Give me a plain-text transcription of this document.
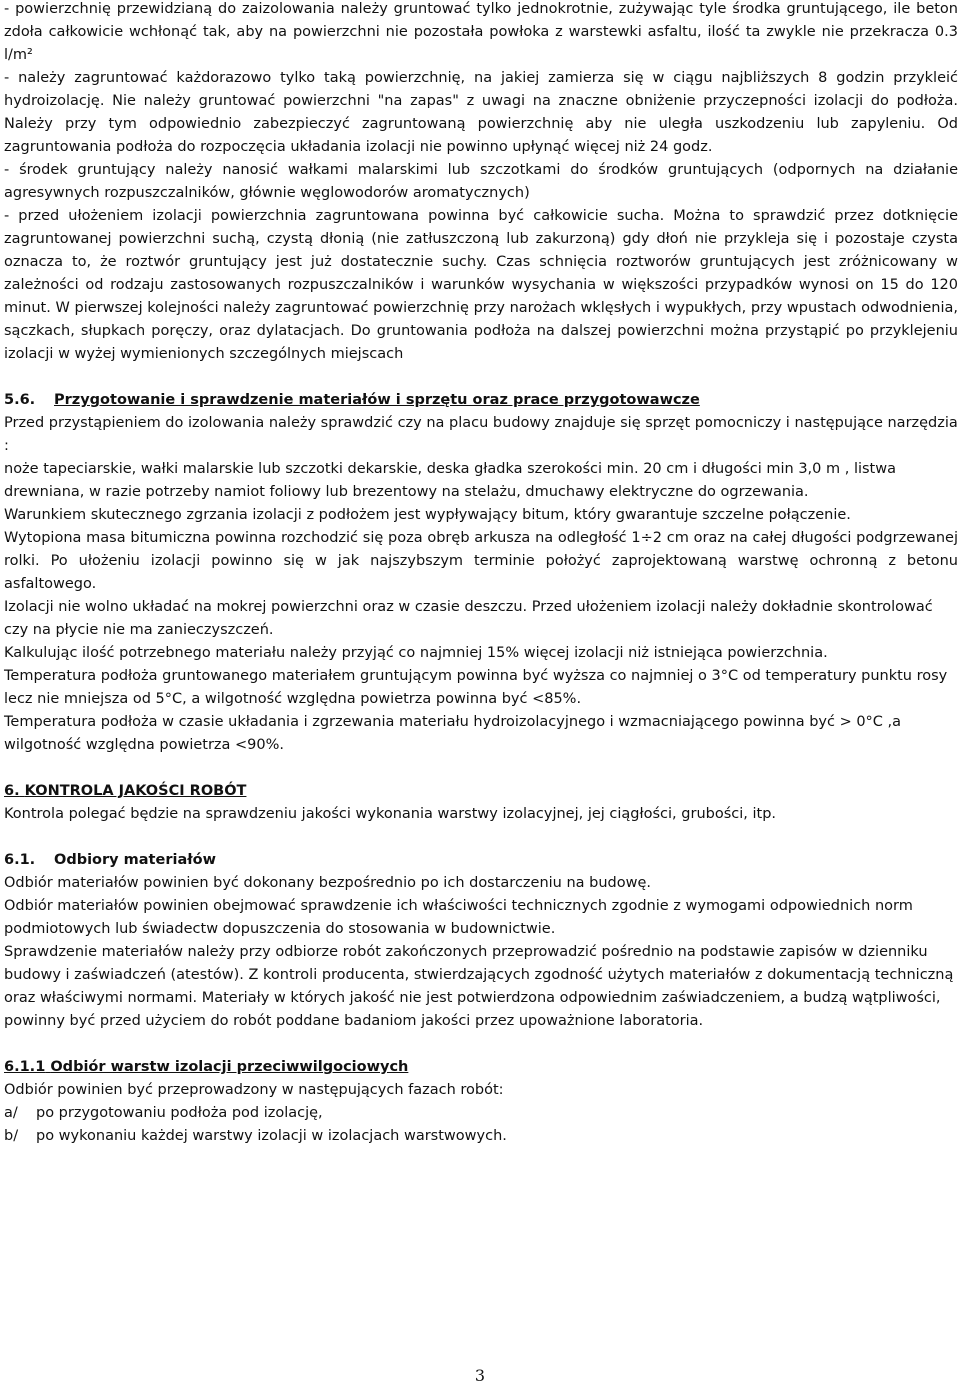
- powierzchnię przewidzianą do zaizolowania należy gruntować tylko jednokrotnie, zużywając tyle środka gruntującego, ile beton zdoła całkowicie wchłonąć tak, aby na powierzchni nie pozostała powłoka z warstewki asfaltu, ilość ta zwykle nie przekracza 0.3 l/m²

- należy zagruntować każdorazowo tylko taką powierzchnię, na jakiej zamierza się w ciągu najbliższych 8 godzin przykleić hydroizolację. Nie należy gruntować powierzchni "na zapas" z uwagi na znaczne obniżenie przyczepności izolacji do podłoża. Należy przy tym odpowiednio zabezpieczyć zagruntowaną powierzchnię aby nie uległa uszkodzeniu lub zapyleniu. Od zagruntowania podłoża do rozpoczęcia układania izolacji nie powinno upłynąć więcej niż 24 godz.

- środek gruntujący należy nanosić wałkami malarskimi lub szczotkami do środków gruntujących (odpornych na działanie agresywnych rozpuszczalników, głównie węglowodorów aromatycznych)

- przed ułożeniem izolacji powierzchnia zagruntowana powinna być całkowicie sucha. Można to sprawdzić przez dotknięcie zagruntowanej powierzchni suchą, czystą dłonią (nie zatłuszczoną lub zakurzoną) gdy dłoń nie przykleja się i pozostaje czysta oznacza to, że roztwór gruntujący jest już dostatecznie suchy. Czas schnięcia roztworów gruntujących jest zróżnicowany w zależności od rodzaju zastosowanych rozpuszczalników i warunków wysychania w większości przypadków wynosi on 15 do 120 minut. W pierwszej kolejności należy zagruntować powierzchnię przy narożach wklęsłych i wypukłych, przy wpustach odwodnienia, sączkach, słupkach poręczy, oraz dylatacjach. Do gruntowania podłoża na dalszej powierzchni można przystąpić po przyklejeniu izolacji w wyżej wymienionych szczególnych miejscach

5.6. Przygotowanie i sprawdzenie materiałów i sprzętu oraz prace przygotowawcze

Przed przystąpieniem do izolowania należy sprawdzić czy na placu budowy znajduje się sprzęt pomocniczy i następujące narzędzia :

noże tapeciarskie, wałki malarskie lub szczotki dekarskie, deska gładka szerokości min. 20 cm i długości min 3,0 m , listwa drewniana, w razie potrzeby namiot foliowy lub brezentowy na stelażu, dmuchawy elektryczne do ogrzewania.

Warunkiem skutecznego zgrzania izolacji z podłożem jest wypływający bitum, który gwarantuje szczelne połączenie.

Wytopiona masa bitumiczna powinna rozchodzić się poza obręb arkusza na odległość 1÷2 cm oraz na całej długości podgrzewanej rolki. Po ułożeniu izolacji powinno się w jak najszybszym terminie położyć zaprojektowaną warstwę ochronną z betonu asfaltowego.

Izolacji nie wolno układać na mokrej powierzchni oraz w czasie deszczu. Przed ułożeniem izolacji należy dokładnie skontrolować czy na płycie nie ma zanieczyszczeń.

Kalkulując ilość potrzebnego materiału należy przyjąć co najmniej 15% więcej izolacji niż istniejąca powierzchnia.

Temperatura podłoża gruntowanego materiałem gruntującym powinna być wyższa co najmniej o 3°C od temperatury punktu rosy lecz nie mniejsza od 5°C, a wilgotność względna powietrza powinna być <85%.

Temperatura podłoża w czasie układania i zgrzewania materiału hydroizolacyjnego i wzmacniającego powinna być > 0°C ,a wilgotność względna powietrza <90%.

6. KONTROLA JAKOŚCI ROBÓT

Kontrola polegać będzie na sprawdzeniu jakości wykonania warstwy izolacyjnej, jej ciągłości, grubości, itp.

6.1. Odbiory materiałów

Odbiór materiałów powinien być dokonany bezpośrednio po ich dostarczeniu na budowę.

Odbiór materiałów powinien obejmować sprawdzenie ich właściwości technicznych zgodnie z wymogami odpowiednich norm podmiotowych lub świadectw dopuszczenia do stosowania w budownictwie.

Sprawdzenie materiałów należy przy odbiorze robót zakończonych przeprowadzić pośrednio na podstawie zapisów w dzienniku budowy i zaświadczeń (atestów). Z kontroli producenta, stwierdzających zgodność użytych materiałów z dokumentacją techniczną oraz właściwymi normami. Materiały w których jakość nie jest potwierdzona odpowiednim zaświadczeniem, a budzą wątpliwości, powinny być przed użyciem do robót poddane badaniom jakości przez upoważnione laboratoria.

6.1.1 Odbiór warstw izolacji przeciwwilgociowych

Odbiór powinien być przeprowadzony w następujących fazach robót:

a/ po przygotowaniu podłoża pod izolację,

b/ po wykonaniu każdej warstwy izolacji w izolacjach warstwowych.

3
